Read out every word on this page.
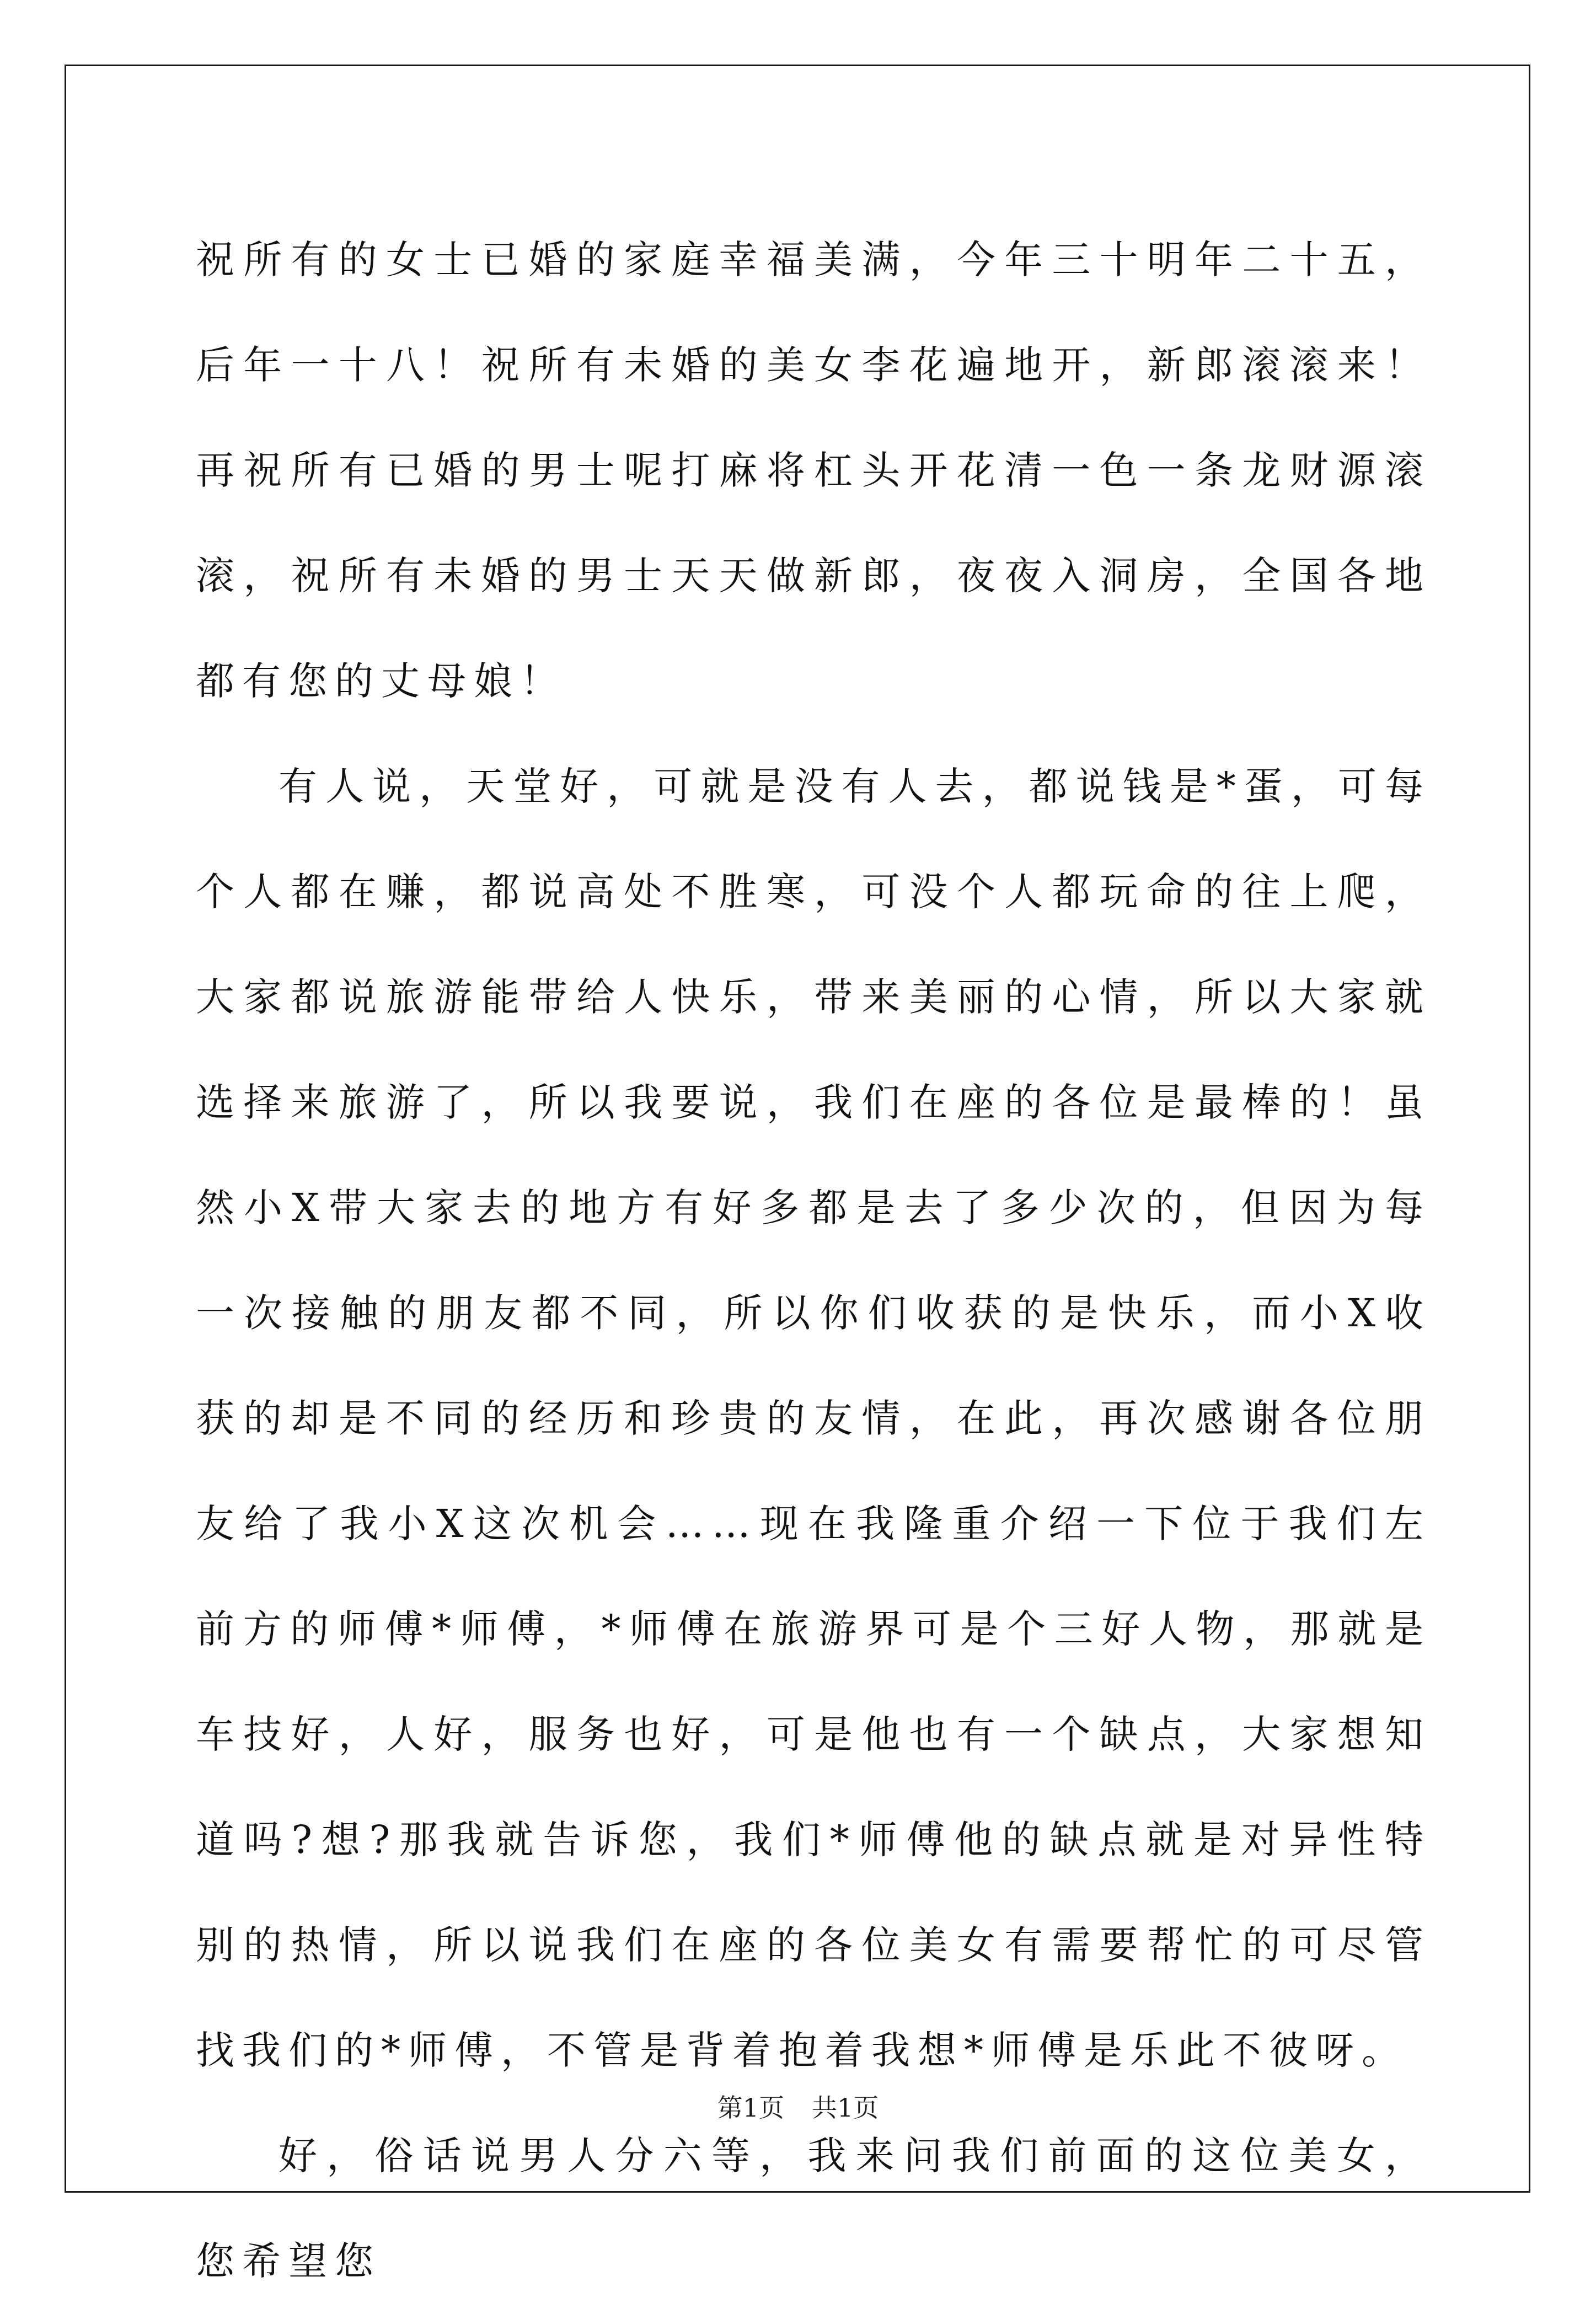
祝所有的女士已婚的家庭幸福美满，今年三十明年二十五，后年一十八！祝所有未婚的美女李花遍地开，新郎滚滚来！再祝所有已婚的男士呢打麻将杠头开花清一色一条龙财源滚滚，祝所有未婚的男士天天做新郎，夜夜入洞房，全国各地都有您的丈母娘！

有人说，天堂好，可就是没有人去，都说钱是*蛋，可每个人都在赚，都说高处不胜寒，可没个人都玩命的往上爬，大家都说旅游能带给人快乐，带来美丽的心情，所以大家就选择来旅游了，所以我要说，我们在座的各位是最棒的！虽然小X带大家去的地方有好多都是去了多少次的，但因为每一次接触的朋友都不同，所以你们收获的是快乐，而小X收获的却是不同的经历和珍贵的友情，在此，再次感谢各位朋友给了我小X这次机会……现在我隆重介绍一下位于我们左前方的师傅*师傅，*师傅在旅游界可是个三好人物，那就是车技好，人好，服务也好，可是他也有一个缺点，大家想知道吗?想?那我就告诉您，我们*师傅他的缺点就是对异性特别的热情，所以说我们在座的各位美女有需要帮忙的可尽管找我们的*师傅，不管是背着抱着我想*师傅是乐此不彼呀。

好，俗话说男人分六等，我来问我们前面的这位美女，您希望您

第1页 共1页
